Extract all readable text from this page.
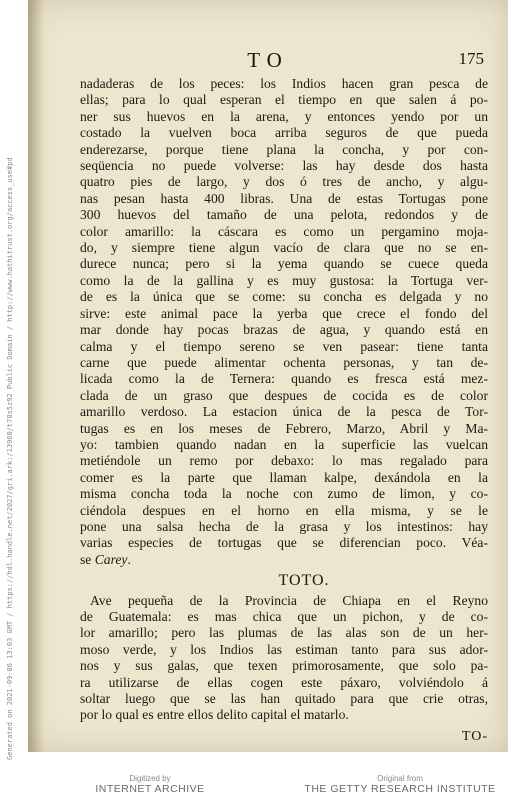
TO	175
nadaderas de los peces: los Indios hacen gran pesca de
ellas; para lo qual esperan el tiempo en que salen á po-
ner sus huevos en la arena, y entonces yendo por un
costado la vuelven boca arriba seguros de que pueda
enderezarse, porque tiene plana la concha, y por con-
seqüencia no puede volverse: las hay desde dos hasta
quatro pies de largo, y dos ó tres de ancho, y algu-
nas pesan hasta 400 libras. Una de estas Tortugas pone
300 huevos del tamaño de una pelota, redondos y de
color amarillo: la cáscara es como un pergamino moja-
do, y siempre tiene algun vacío de clara que no se en-
durece nunca; pero si la yema quando se cuece queda
como la de la gallina y es muy gustosa: la Tortuga ver-
de es la única que se come: su concha es delgada y no
sirve: este animal pace la yerba que crece el fondo del
mar donde hay pocas brazas de agua, y quando está en
calma y el tiempo sereno se ven pasear: tiene tanta
carne que puede alimentar ochenta personas, y tan de-
licada como la de Ternera: quando es fresca está mez-
clada de un graso que despues de cocida es de color
amarillo verdoso. La estacion única de la pesca de Tor-
tugas es en los meses de Febrero, Marzo, Abril y Ma-
yo: tambien quando nadan en la superficie las vuelcan
metiéndole un remo por debaxo: lo mas regalado para
comer es la parte que llaman kalpe, dexándola en la
misma concha toda la noche con zumo de limon, y co-
ciéndola despues en el horno en ella misma, y se le
pone una salsa hecha de la grasa y los intestinos: hay
varias especies de tortugas que se diferencian poco. Véa-
se Carey.
TOTO.
Ave pequeña de la Provincia de Chiapa en el Reyno
de Guatemala: es mas chica que un pichon, y de co-
lor amarillo; pero las plumas de las alas son de un her-
moso verde, y los Indios las estiman tanto para sus ador-
nos y sus galas, que texen primorosamente, que solo pa-
ra utilizarse de ellas cogen este páxaro, volviéndolo á
soltar luego que se las han quitado para que crie otras,
por lo qual es entre ellos delito capital el matarlo.
TO-
Generated on 2021-09-06 13:03 GMT / https://hdl.handle.net/2027/gri.ark:/13960/t78s5z92 Public Domain / http://www.hathitrust.org/access_use#pd
Digitized by
INTERNET ARCHIVE
Original from
THE GETTY RESEARCH INSTITUTE
